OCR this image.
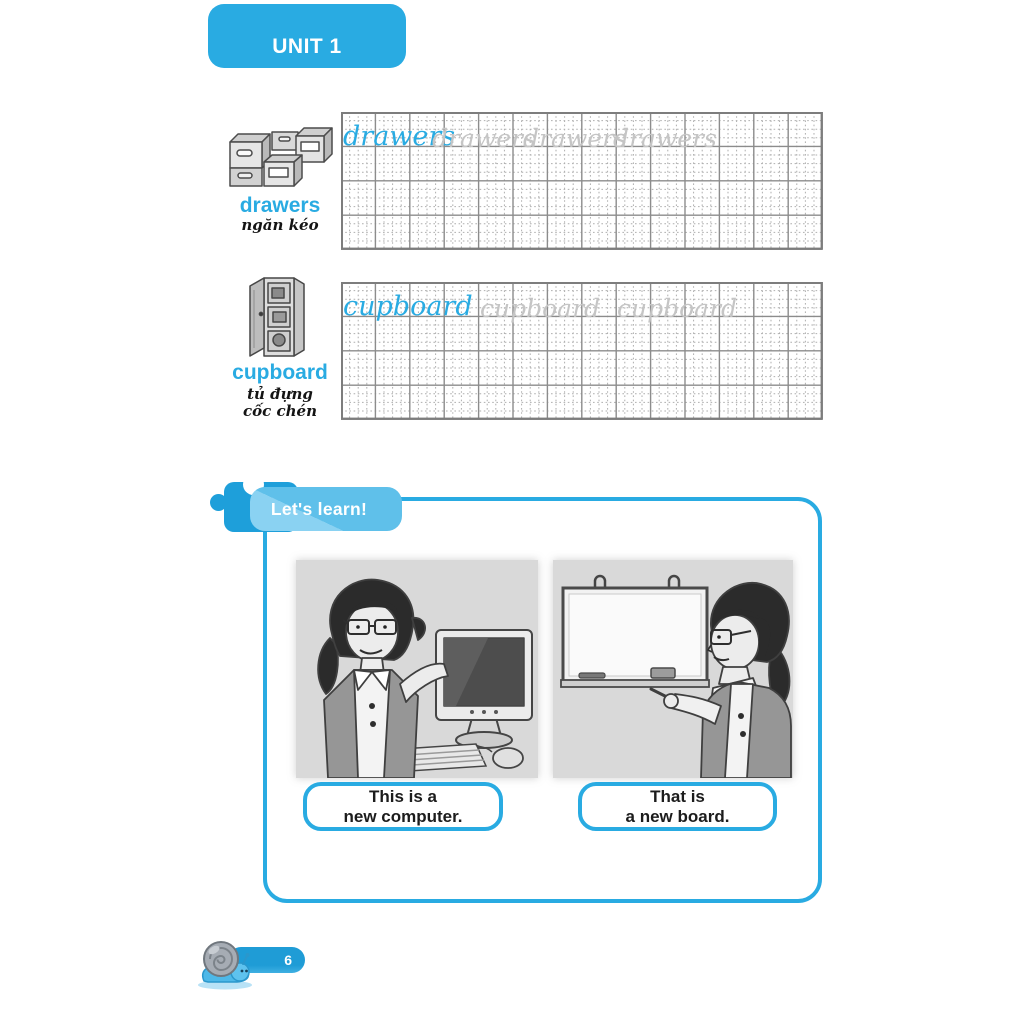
UNIT 1
drawers
ngăn kéo
drawers
drawers
drawers
drawers
cupboard
tủ đựng
cốc chén
cupboard cupboard cupboard
Let's learn!
This is a
new computer.
That is
a new board.
6
